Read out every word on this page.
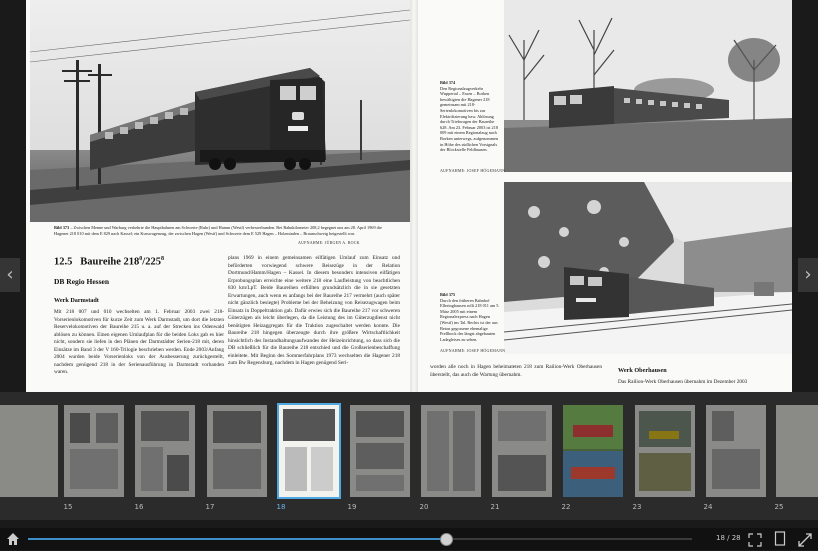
Bild 373 – Zwischen Menne und Warburg verkehrte die Hauptbahnen am Schwerte (Ruhr) und Hamm (Westf) verbesserbunden. Bei Bahnkilometer 208,2 begegnet uns am 28. April 1969 die Hagener 218 010 mit dem E 829 nach Kassel; ein Kurswagenzug, der zwischen Hagen (Westf) und Schwerte dem E 529 Hagen – Holzminden – Braunschweig beigestellt war.
AUFNAHME: JÜRGEN A. BOCK
12.5 Baureihe $218^0/225^8$
DB Regio Hessen
Werk Darmstadt

Mit 218 007 und 010 wechselten am 1. Februar 2003 zwei 218-Vorserienlokomotiven für kurze Zeit zum Werk Darmstadt, um dort die letzten Reservelokomotiven der Baureihe 215 u. a. auf der Strecken ins Odenwald ablösen zu können. Einen eigenen Umlaufplan für die beiden Loks gab es hier nicht, sondern sie liefen in den Plänen der Darmstädter Serien-218 mit, deren Einsätze im Band 3 der V 160-Trilogie beschrieben werden. Ende 2003/Anfang 2004 wurden beide Vorserienloks von der Ausbesserung zurückgestellt, nachdem genügend 218 in der Serienausführung in Darmstadt vorhanden waren.

plans 1969 in einem gemeinsamen eilfätigen Umlauf zum Einsatz und beförderten vorwiegend schwere Reisezüge in der Relation Dortmund/Hamm/Hagen – Kassel. In diesem besonders intensiven eilfätigen Erprobungsplan erreichte eine weitere 218 eine Laufleistung von beachtlichen 830 km/LpT. Beide Baureihen erfüllten grundsätzlich die in sie gesetzten Erwartungen, auch wenn es anfangs bei der Baureihe 217 vermehrt (auch später nicht gänzlich besiegte) Probleme bei der Beheizung von Reisezugwagen beim Einsatz in Doppeltraktion gab. Dafür erwies sich die Baureihe 217 vor schweren Güterzügen als leicht überlegen, da die Leistung des im Güterzugdienst nicht benötigten Heizaggregats für die Traktion zugeschaltet werden konnte. Die Baureihe 218 hingegen überzeugte durch ihre größere Wirtschaftlichkeit hinsichtlich des Instandhaltungsaufwandes der Heizeinrichtung, so dass sich die DB schließlich für die Baureihe 218 entschied und die Großserienbeschaffung einleitete. Mit Beginn des Sommerfahrplans 1973 wechselten die Hagener 218 zum Bw Regensburg, nachdem in Hagen genügend Seri-

Bild 374
Den Regionalzugverkehr Wuppertal – Essen – Borken bewältigten die Hagener 218 gemeinsam mit 218-Serienlokomotiven bis zur Elektrifizierung bzw. Ablösung durch Triebwagen der Baureihe 628. Am 23. Februar 2003 ist 218 009 mit einem Regionalzug nach Borken unterwegs, aufgenommen in Höhe des südlichen Vorsignals der Blockstelle Feldhausen.
AUFNAHME: JOSEF HÖGEMANN
Bild 375
Durch den früheren Bahnhof Elleringhausen rollt 218 011 am 5. März 2005 mit einem Regionalexpress nach Hagen (Westf) ins Tal. Rechts ist der aus Beton gegossene ehemalige Prellbock des längst abgebauten Ladegleises zu sehen.
AUFNAHME: JOSEF HÖGEMANN

worden alle noch in Hagen beheimateten 218 zum Railion-Werk Oberhausen überstellt, das auch die Wartung übernahm.

Werk Oberhausen

Das Railion-Werk Oberhausen übernahm im Dezember 2003

‹	›
15	16	17	18	19	20	21	22	23	24	25
18 / 28
